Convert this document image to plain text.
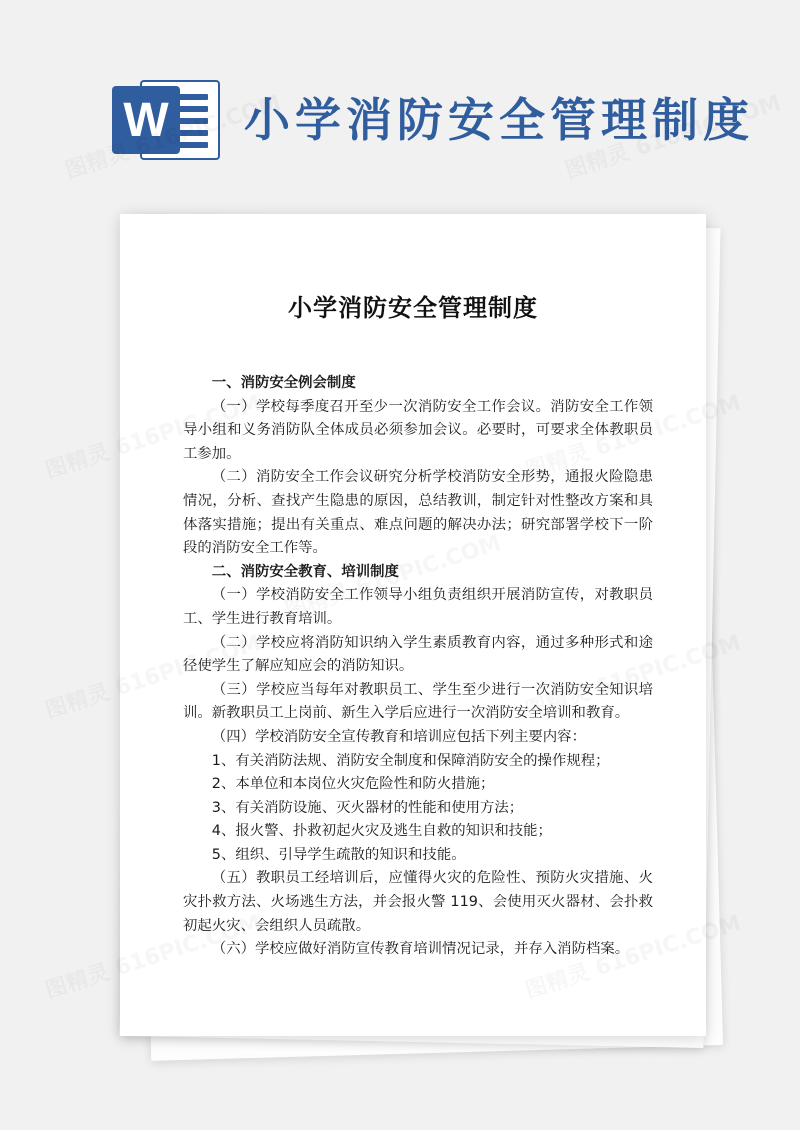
W 小学消防安全管理制度
小学消防安全管理制度

一、消防安全例会制度

（一）学校每季度召开至少一次消防安全工作会议。消防安全工作领导小组和义务消防队全体成员必须参加会议。必要时，可要求全体教职员工参加。

（二）消防安全工作会议研究分析学校消防安全形势，通报火险隐患情况，分析、查找产生隐患的原因，总结教训，制定针对性整改方案和具体落实措施；提出有关重点、难点问题的解决办法；研究部署学校下一阶段的消防安全工作等。

二、消防安全教育、培训制度

（一）学校消防安全工作领导小组负责组织开展消防宣传，对教职员工、学生进行教育培训。

（二）学校应将消防知识纳入学生素质教育内容，通过多种形式和途径使学生了解应知应会的消防知识。

（三）学校应当每年对教职员工、学生至少进行一次消防安全知识培训。新教职员工上岗前、新生入学后应进行一次消防安全培训和教育。

（四）学校消防安全宣传教育和培训应包括下列主要内容：

1、有关消防法规、消防安全制度和保障消防安全的操作规程；

2、本单位和本岗位火灾危险性和防火措施；

3、有关消防设施、灭火器材的性能和使用方法；

4、报火警、扑救初起火灾及逃生自救的知识和技能；

5、组织、引导学生疏散的知识和技能。

（五）教职员工经培训后，应懂得火灾的危险性、预防火灾措施、火灾扑救方法、火场逃生方法，并会报火警 119、会使用灭火器材、会扑救初起火灾、会组织人员疏散。

（六）学校应做好消防宣传教育培训情况记录，并存入消防档案。
